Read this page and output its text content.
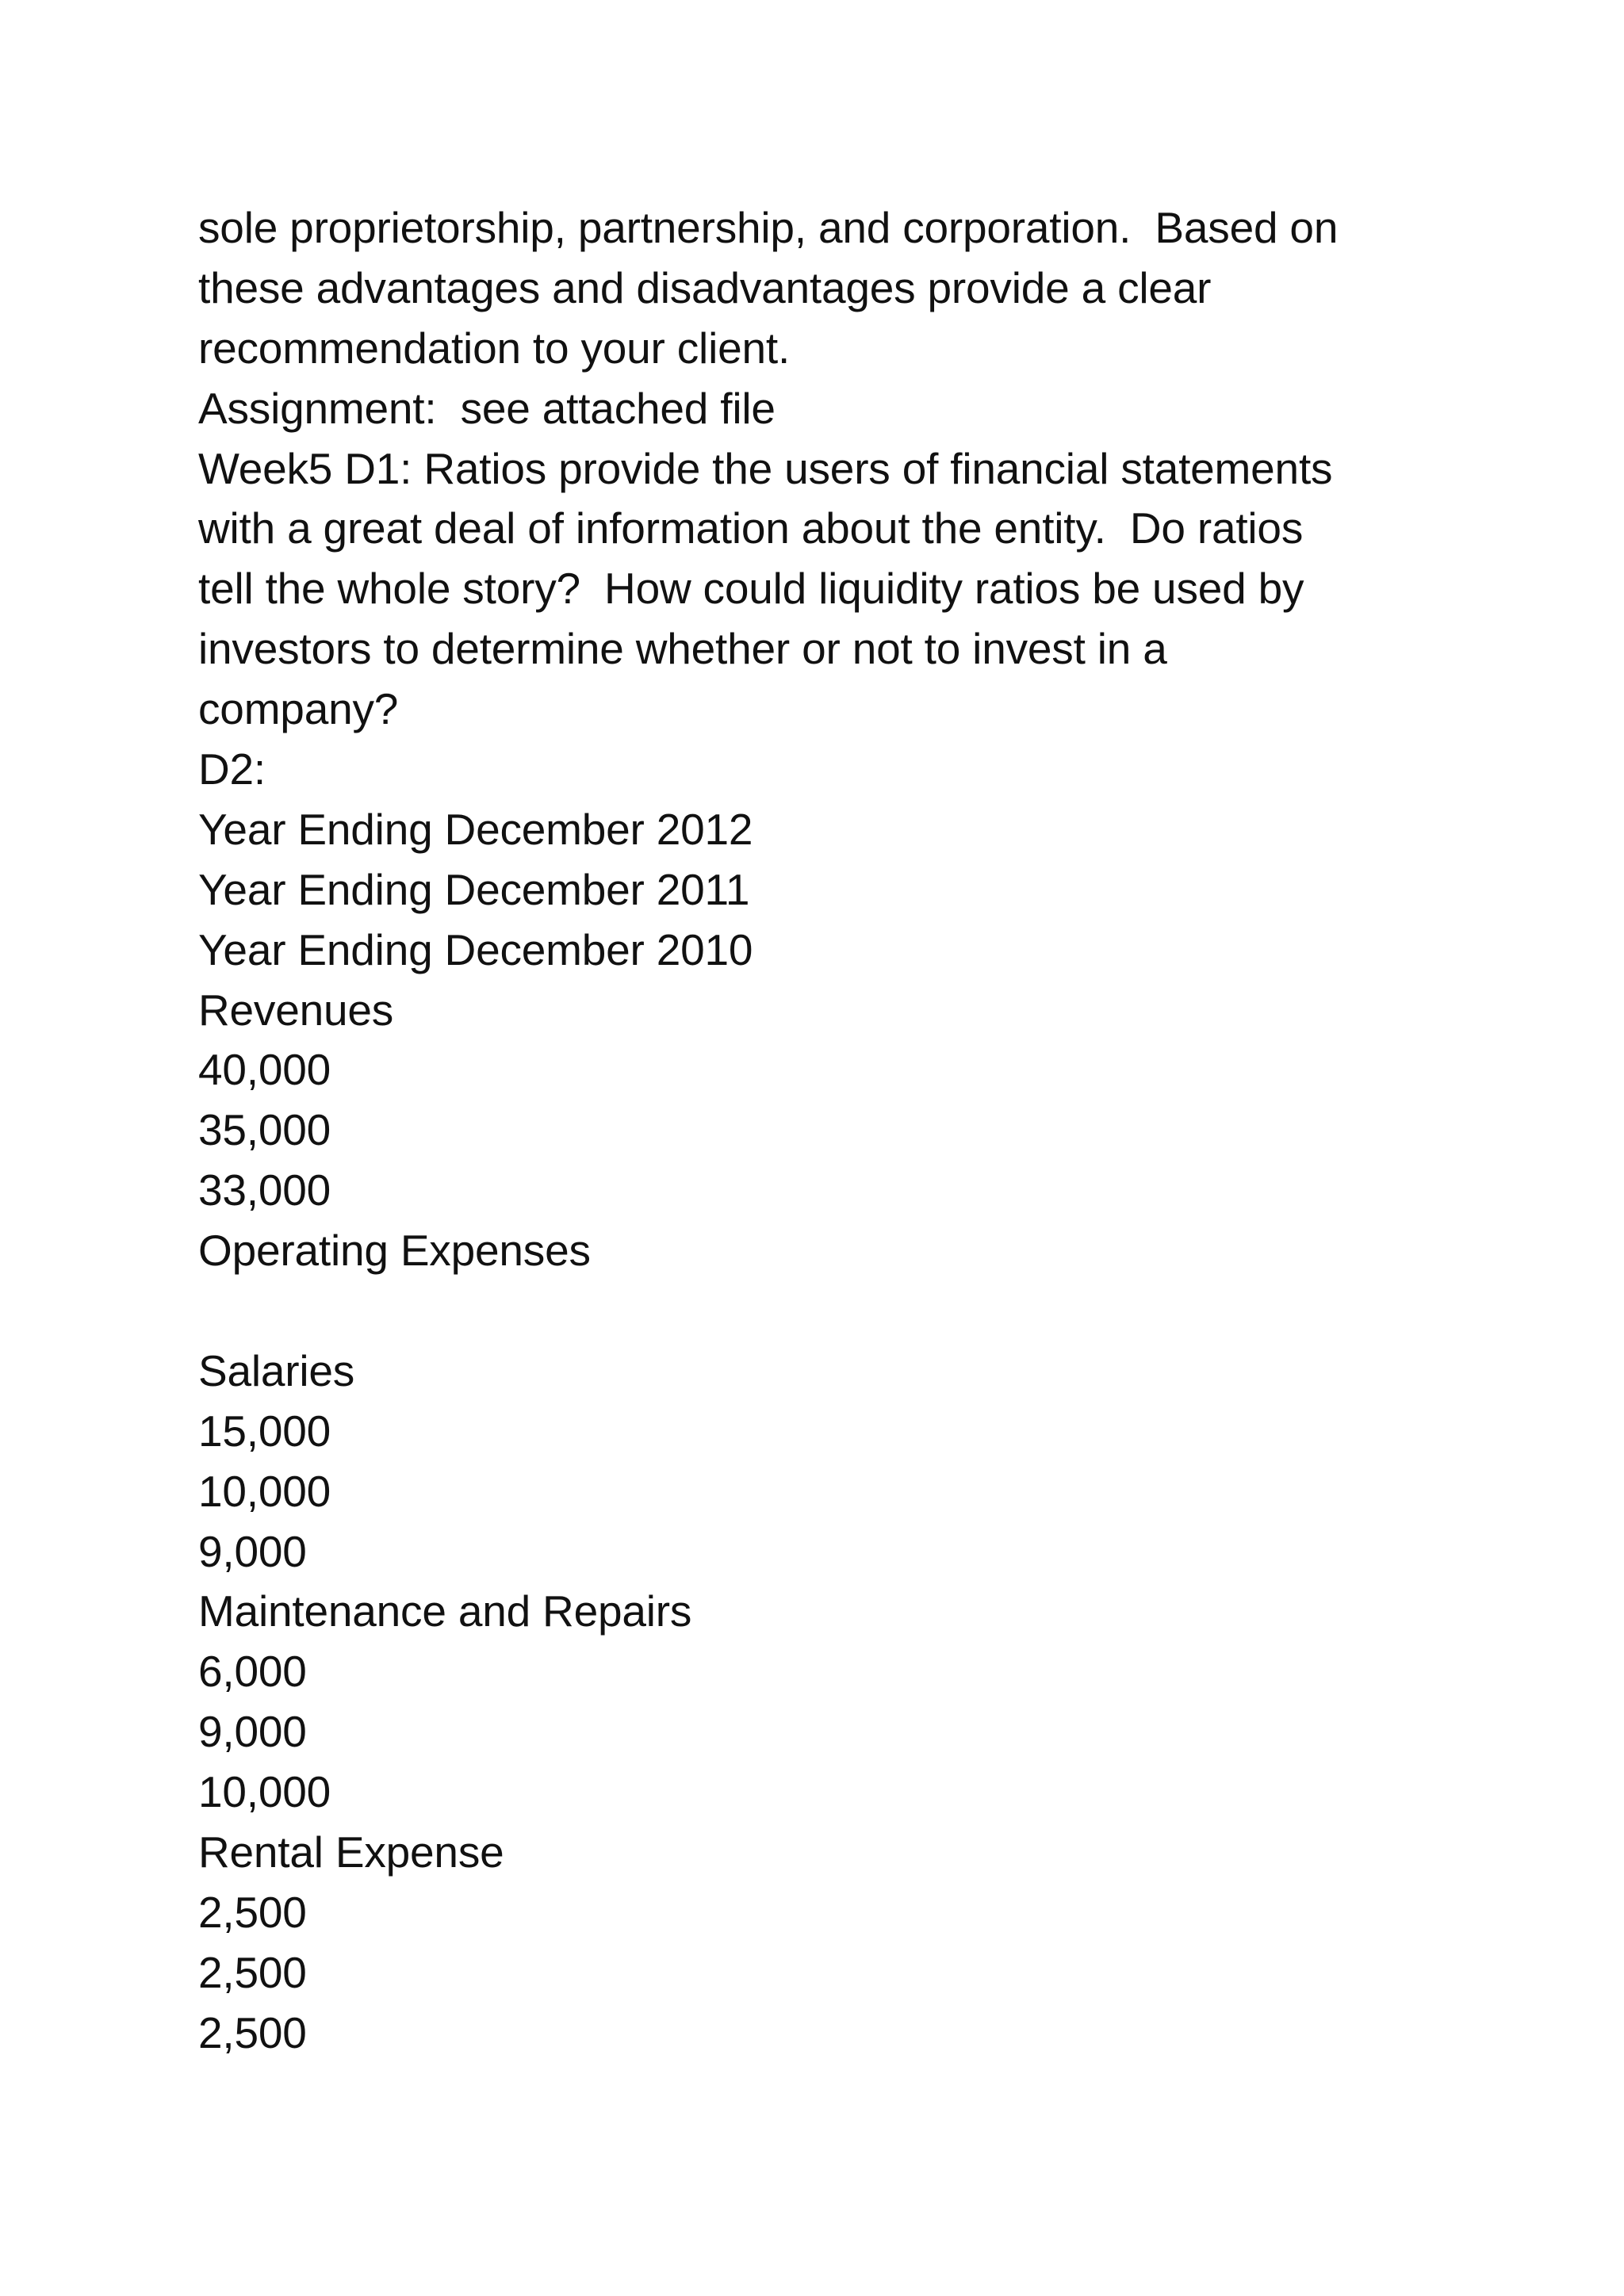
sole proprietorship, partnership, and corporation.  Based on
these advantages and disadvantages provide a clear
recommendation to your client.
Assignment:  see attached file
Week5 D1: Ratios provide the users of financial statements
with a great deal of information about the entity.  Do ratios
tell the whole story?  How could liquidity ratios be used by
investors to determine whether or not to invest in a
company?
D2:
Year Ending December 2012
Year Ending December 2011
Year Ending December 2010
Revenues
40,000
35,000
33,000
Operating Expenses
Salaries
15,000
10,000
9,000
Maintenance and Repairs
6,000
9,000
10,000
Rental Expense
2,500
2,500
2,500
